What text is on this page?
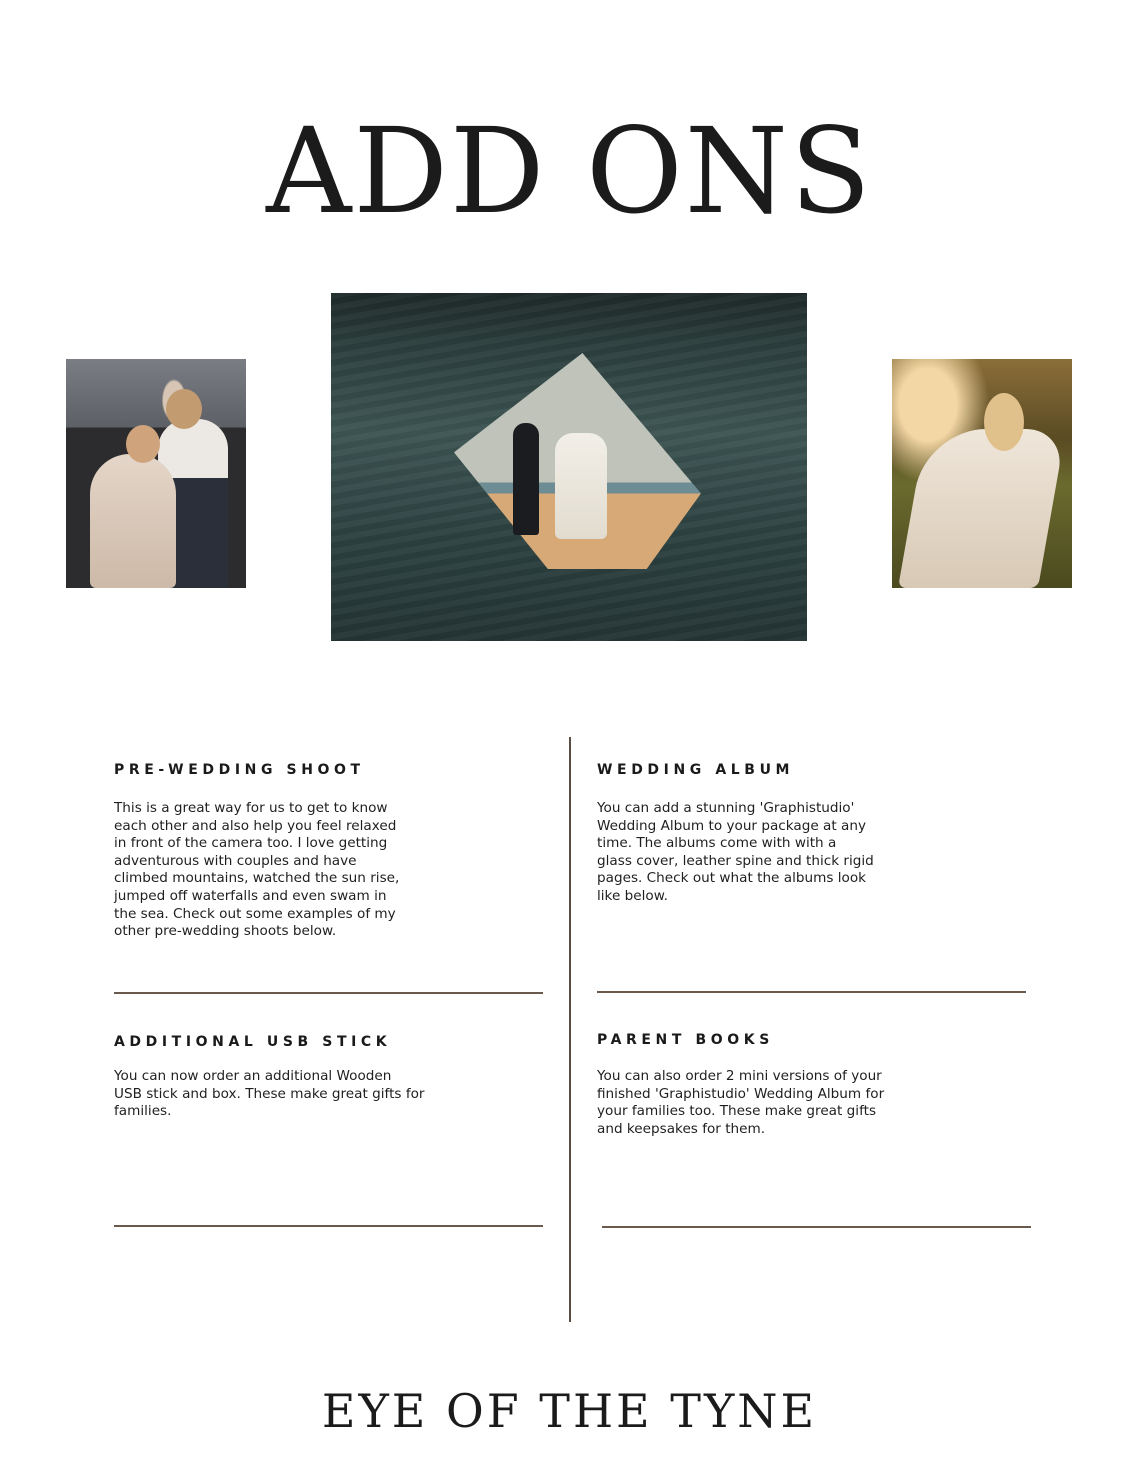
ADD ONS
PRE-WEDDING SHOOT
This is a great way for us to get to know
each other and also help you feel relaxed
in front of the camera too. I love getting
adventurous with couples and have
climbed mountains, watched the sun rise,
jumped off waterfalls and even swam in
the sea. Check out some examples of my
other pre-wedding shoots below.
WEDDING ALBUM
You can add a stunning 'Graphistudio'
Wedding Album to your package at any
time. The albums come with with a
glass cover, leather spine and thick rigid
pages. Check out what the albums look
like below.
ADDITIONAL USB STICK
You can now order an additional Wooden
USB stick and box. These make great gifts for
families.
PARENT BOOKS
You can also order 2 mini versions of your
finished 'Graphistudio' Wedding Album for
your families too. These make great gifts
and keepsakes for them.
EYE OF THE TYNE
